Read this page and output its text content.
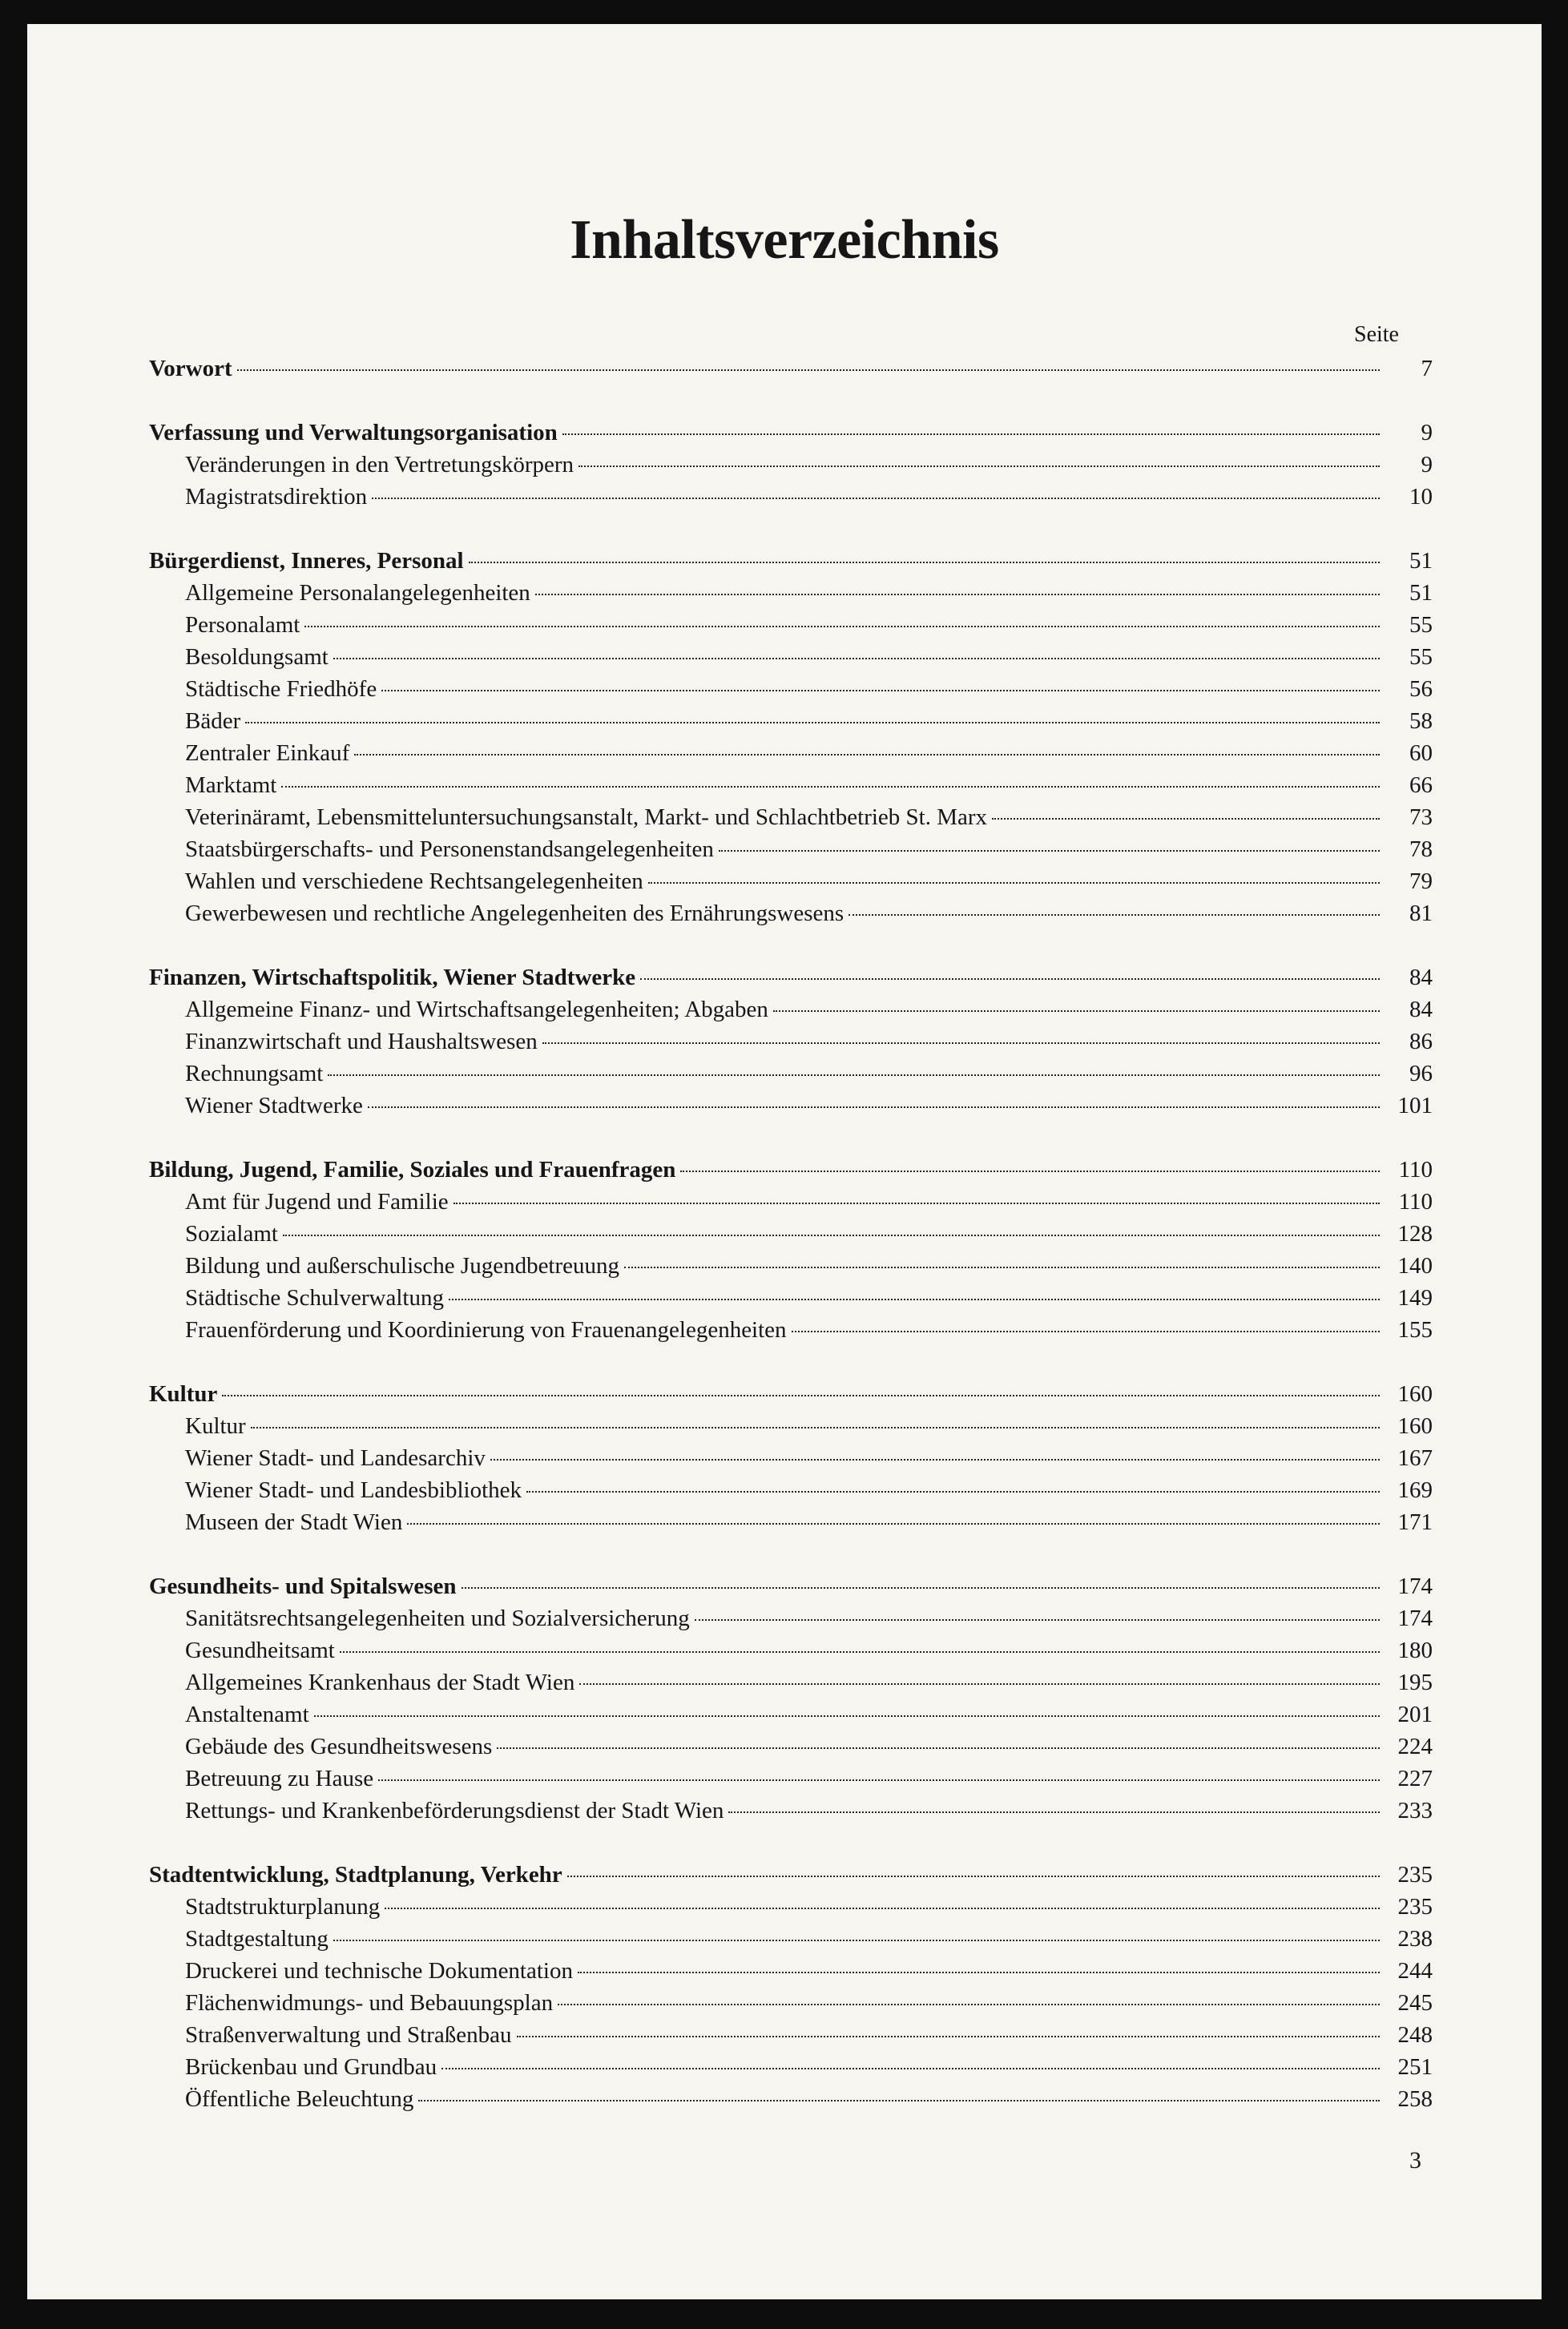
Inhaltsverzeichnis
Seite
Vorwort	7
Verfassung und Verwaltungsorganisation	9
Veränderungen in den Vertretungskörpern	9
Magistratsdirektion	10
Bürgerdienst, Inneres, Personal	51
Allgemeine Personalangelegenheiten	51
Personalamt	55
Besoldungsamt	55
Städtische Friedhöfe	56
Bäder	58
Zentraler Einkauf	60
Marktamt	66
Veterinäramt, Lebensmitteluntersuchungsanstalt, Markt- und Schlachtbetrieb St. Marx	73
Staatsbürgerschafts- und Personenstandsangelegenheiten	78
Wahlen und verschiedene Rechtsangelegenheiten	79
Gewerbewesen und rechtliche Angelegenheiten des Ernährungswesens	81
Finanzen, Wirtschaftspolitik, Wiener Stadtwerke	84
Allgemeine Finanz- und Wirtschaftsangelegenheiten; Abgaben	84
Finanzwirtschaft und Haushaltswesen	86
Rechnungsamt	96
Wiener Stadtwerke	101
Bildung, Jugend, Familie, Soziales und Frauenfragen	110
Amt für Jugend und Familie	110
Sozialamt	128
Bildung und außerschulische Jugendbetreuung	140
Städtische Schulverwaltung	149
Frauenförderung und Koordinierung von Frauenangelegenheiten	155
Kultur	160
Kultur	160
Wiener Stadt- und Landesarchiv	167
Wiener Stadt- und Landesbibliothek	169
Museen der Stadt Wien	171
Gesundheits- und Spitalswesen	174
Sanitätsrechtsangelegenheiten und Sozialversicherung	174
Gesundheitsamt	180
Allgemeines Krankenhaus der Stadt Wien	195
Anstaltenamt	201
Gebäude des Gesundheitswesens	224
Betreuung zu Hause	227
Rettungs- und Krankenbeförderungsdienst der Stadt Wien	233
Stadtentwicklung, Stadtplanung, Verkehr	235
Stadtstrukturplanung	235
Stadtgestaltung	238
Druckerei und technische Dokumentation	244
Flächenwidmungs- und Bebauungsplan	245
Straßenverwaltung und Straßenbau	248
Brückenbau und Grundbau	251
Öffentliche Beleuchtung	258
3
